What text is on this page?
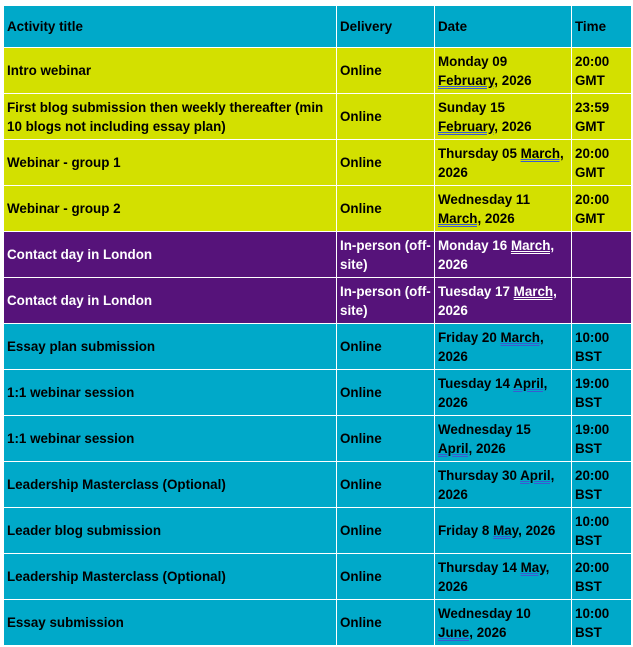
Activity title	Delivery	Date	Time
Intro webinar	Online	Monday 09 February, 2026	20:00 GMT
First blog submission then weekly thereafter (min 10 blogs not including essay plan)	Online	Sunday 15 February, 2026	23:59 GMT
Webinar - group 1	Online	Thursday 05 March, 2026	20:00 GMT
Webinar - group 2	Online	Wednesday 11 March, 2026	20:00 GMT
Contact day in London	In-person (off-site)	Monday 16 March, 2026	
Contact day in London	In-person (off-site)	Tuesday 17 March, 2026	
Essay plan submission	Online	Friday 20 March, 2026	10:00 BST
1:1 webinar session	Online	Tuesday 14 April, 2026	19:00 BST
1:1 webinar session	Online	Wednesday 15 April, 2026	19:00 BST
Leadership Masterclass (Optional)	Online	Thursday 30 April, 2026	20:00 BST
Leader blog submission	Online	Friday 8 May, 2026	10:00 BST
Leadership Masterclass (Optional)	Online	Thursday 14 May, 2026	20:00 BST
Essay submission	Online	Wednesday 10 June, 2026	10:00 BST
